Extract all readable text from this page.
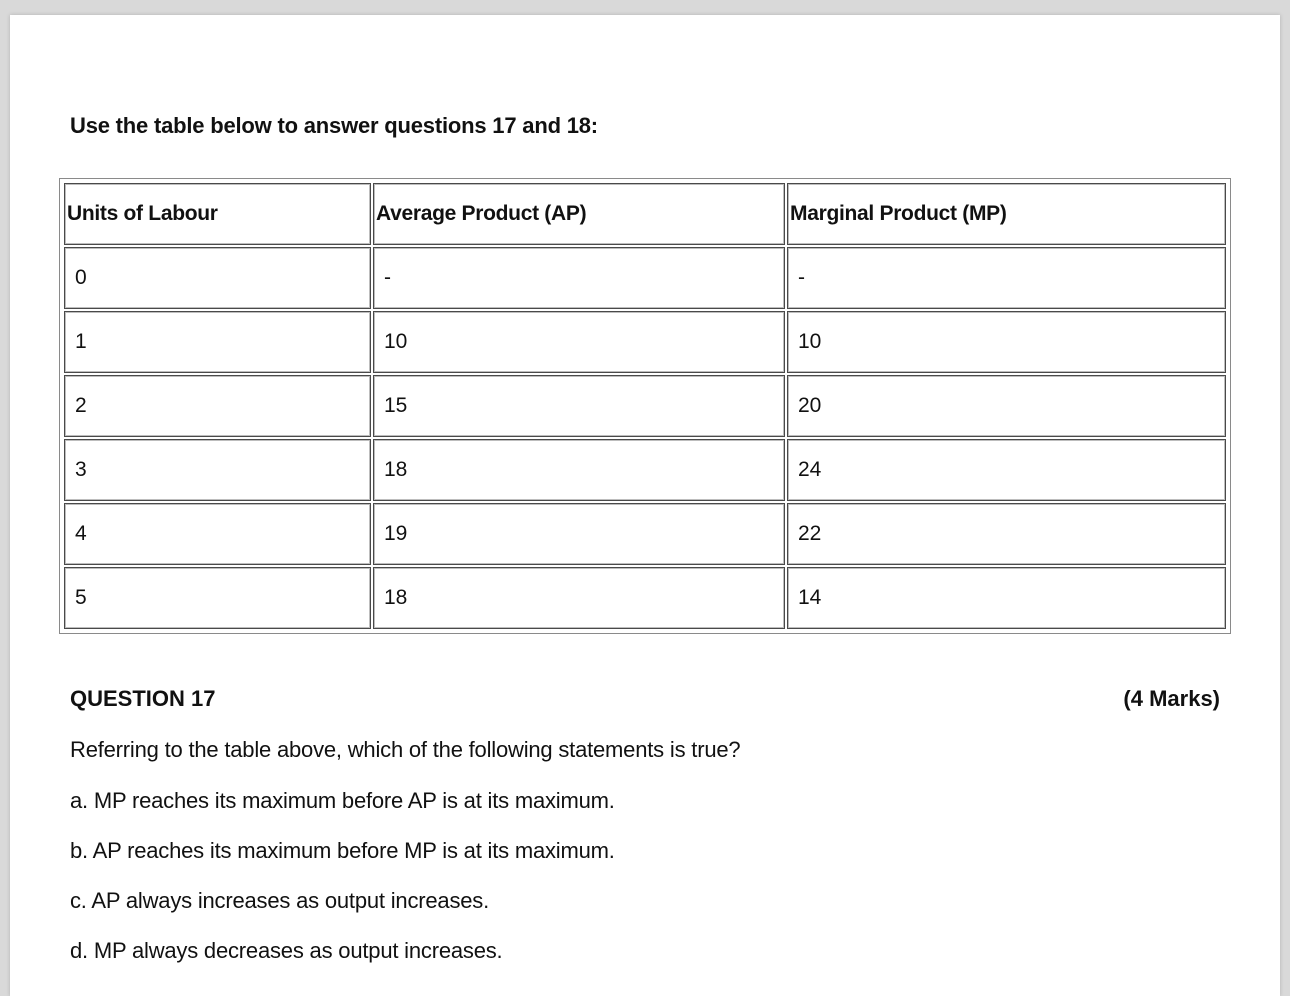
Use the table below to answer questions 17 and 18:
Units of Labour	Average Product (AP)	Marginal Product (MP)
0	-	-
1	10	10
2	15	20
3	18	24
4	19	22
5	18	14
QUESTION 17	(4 Marks)
Referring to the table above, which of the following statements is true?
a. MP reaches its maximum before AP is at its maximum.
b. AP reaches its maximum before MP is at its maximum.
c. AP always increases as output increases.
d. MP always decreases as output increases.
